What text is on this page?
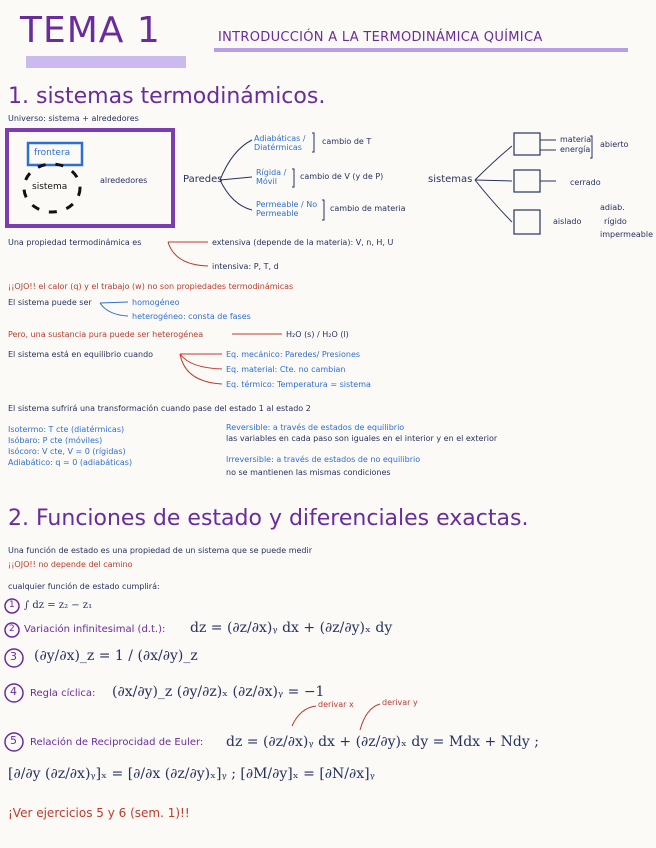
TEMA 1	INTRODUCCIÓN A LA TERMODINÁMICA QUÍMICA
1. sistemas termodinámicos.
Universo: sistema + alrededores
frontera
sistema
alrededores	Paredes
Adiabáticas / Diatérmicas
cambio de T
Rígida / Móvil
cambio de V (y de P)
Permeable / No Permeable
cambio de materia
sistemas
materia
energía
abierto
cerrado
aislado
adiab.
rígido
impermeable
Una propiedad termodinámica es	extensiva (depende de la materia): V, n, H, U
intensiva: P, T, d
¡¡OJO!! el calor (q) y el trabajo (w) no son propiedades termodinámicas
El sistema puede ser	homogéneo
heterogéneo: consta de fases
Pero, una sustancia pura puede ser heterogénea	H₂O (s) / H₂O (l)
El sistema está en equilibrio cuando	Eq. mecánico: Paredes/ Presiones
Eq. material: Cte. no cambian
Eq. térmico: Temperatura = sistema
El sistema sufrirá una transformación cuando pase del estado 1 al estado 2
Isotermo: T cte (diatérmicas)
Isóbaro: P cte (móviles)
Isócoro: V cte, V = 0 (rígidas)
Adiabático: q = 0 (adiabáticas)
Reversible: a través de estados de equilibrio
las variables en cada paso son iguales en el interior y en el exterior
Irreversible: a través de estados de no equilibrio
no se mantienen las mismas condiciones
2. Funciones de estado y diferenciales exactas.
Una función de estado es una propiedad de un sistema que se puede medir
¡¡OJO!! no depende del camino
cualquier función de estado cumplirá:
1 ∫ dz = z₂ − z₁
2 Variación infinitesimal (d.t.): dz = (∂z/∂x)ᵧ dx + (∂z/∂y)ₓ dy
3 (∂y/∂x)_z = 1 / (∂x/∂y)_z
4 Regla cíclica: (∂x/∂y)_z (∂y/∂z)ₓ (∂z/∂x)ᵧ = −1
derivar x	derivar y
5 Relación de Reciprocidad de Euler: dz = (∂z/∂x)ᵧ dx + (∂z/∂y)ₓ dy = Mdx + Ndy ;
[∂/∂y (∂z/∂x)ᵧ]ₓ = [∂/∂x (∂z/∂y)ₓ]ᵧ ; [∂M/∂y]ₓ = [∂N/∂x]ᵧ
¡Ver ejercicios 5 y 6 (sem. 1)!!
